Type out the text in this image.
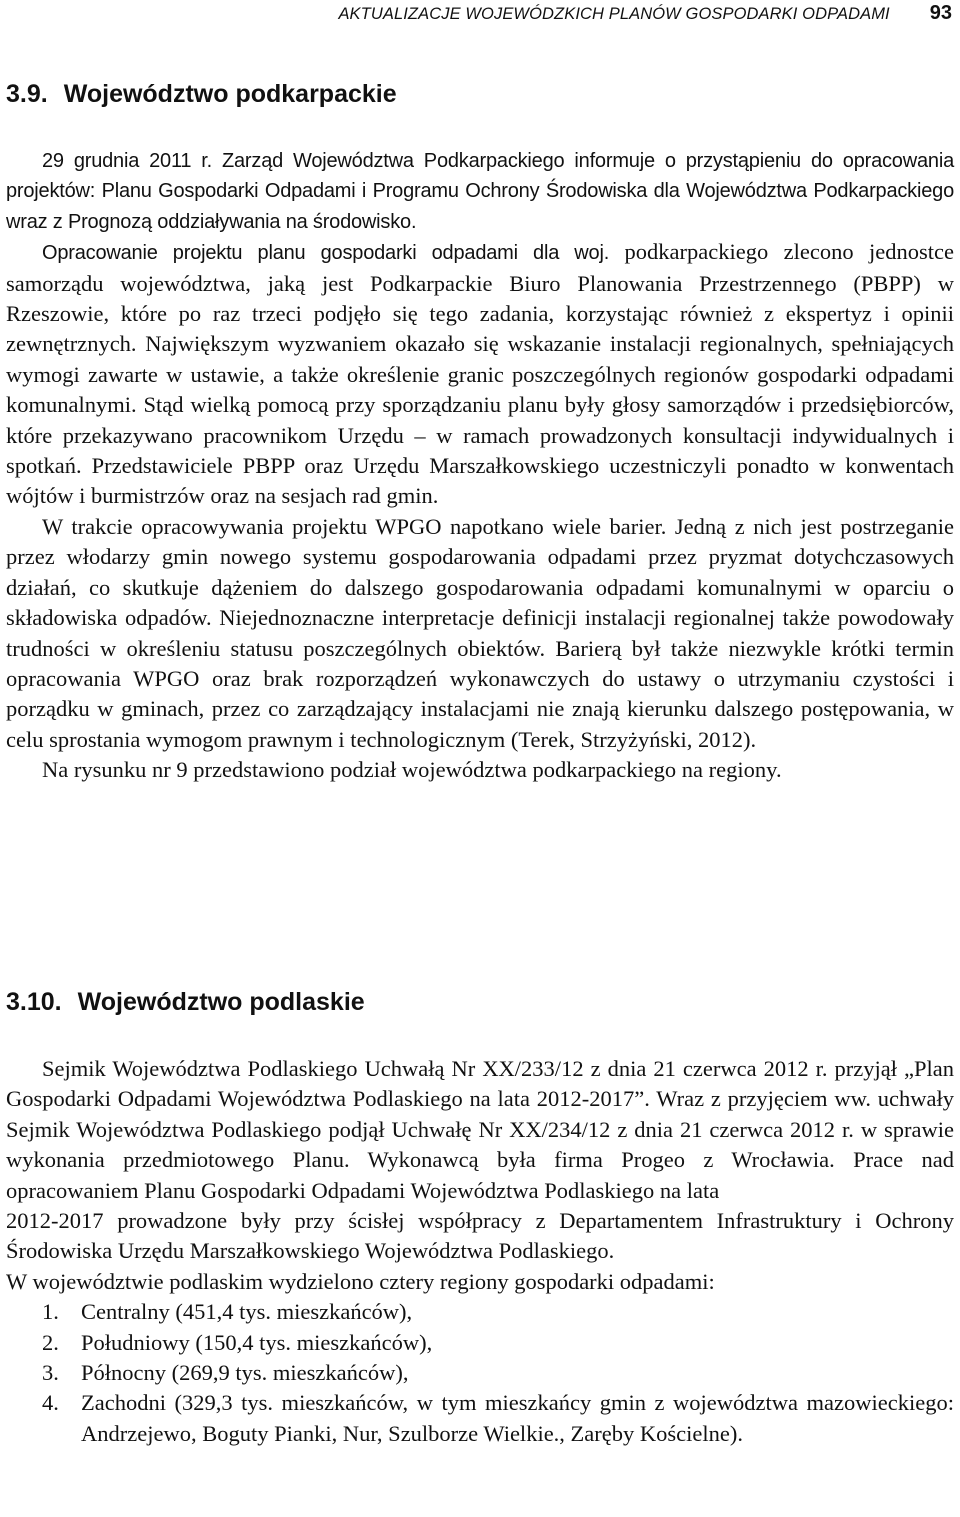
AKTUALIZACJE WOJEWÓDZKICH PLANÓW GOSPODARKI ODPADAMI 93
3.9. Województwo podkarpackie

29 grudnia 2011 r. Zarząd Województwa Podkarpackiego informuje o przystąpieniu do opracowania projektów: Planu Gospodarki Odpadami i Programu Ochrony Środowiska dla Województwa Podkarpackiego wraz z Prognozą oddziaływania na środowisko.

Opracowanie projektu planu gospodarki odpadami dla woj. podkarpackiego zlecono jednostce samorządu województwa, jaką jest Podkarpackie Biuro Planowania Przestrzennego (PBPP) w Rzeszowie, które po raz trzeci podjęło się tego zadania, korzystając również z ekspertyz i opinii zewnętrznych. Największym wyzwaniem okazało się wskazanie instalacji regionalnych, spełniających wymogi zawarte w ustawie, a także określenie granic poszczególnych regionów gospodarki odpadami komunalnymi. Stąd wielką pomocą przy sporządzaniu planu były głosy samorządów i przedsiębiorców, które przekazywano pracownikom Urzędu – w ramach prowadzonych konsultacji indywidualnych i spotkań. Przedstawiciele PBPP oraz Urzędu Marszałkowskiego uczestniczyli ponadto w konwentach wójtów i burmistrzów oraz na sesjach rad gmin.

W trakcie opracowywania projektu WPGO napotkano wiele barier. Jedną z nich jest postrzeganie przez włodarzy gmin nowego systemu gospodarowania odpadami przez pryzmat dotychczasowych działań, co skutkuje dążeniem do dalszego gospodarowania odpadami komunalnymi w oparciu o składowiska odpadów. Niejednoznaczne interpretacje definicji instalacji regionalnej także powodowały trudności w określeniu statusu poszczególnych obiektów. Barierą był także niezwykle krótki termin opracowania WPGO oraz brak rozporządzeń wykonawczych do ustawy o utrzymaniu czystości i porządku w gminach, przez co zarządzający instalacjami nie znają kierunku dalszego postępowania, w celu sprostania wymogom prawnym i technologicznym (Terek, Strzyżyński, 2012).

Na rysunku nr 9 przedstawiono podział województwa podkarpackiego na regiony.

3.10. Województwo podlaskie

Sejmik Województwa Podlaskiego Uchwałą Nr XX/233/12 z dnia 21 czerwca 2012 r. przyjął „Plan Gospodarki Odpadami Województwa Podlaskiego na lata 2012-2017”. Wraz z przyjęciem ww. uchwały Sejmik Województwa Podlaskiego podjął Uchwałę Nr XX/234/12 z dnia 21 czerwca 2012 r. w sprawie wykonania przedmiotowego Planu. Wykonawcą była firma Progeo z Wrocławia. Prace nad opracowaniem Planu Gospodarki Odpadami Województwa Podlaskiego na lata

2012-2017 prowadzone były przy ścisłej współpracy z Departamentem Infrastruktury i Ochrony Środowiska Urzędu Marszałkowskiego Województwa Podlaskiego.

W województwie podlaskim wydzielono cztery regiony gospodarki odpadami:

1. Centralny (451,4 tys. mieszkańców),
2. Południowy (150,4 tys. mieszkańców),
3. Północny (269,9 tys. mieszkańców),
4. Zachodni (329,3 tys. mieszkańców, w tym mieszkańcy gmin z województwa mazowieckiego: Andrzejewo, Boguty Pianki, Nur, Szulborze Wielkie., Zaręby Kościelne).
